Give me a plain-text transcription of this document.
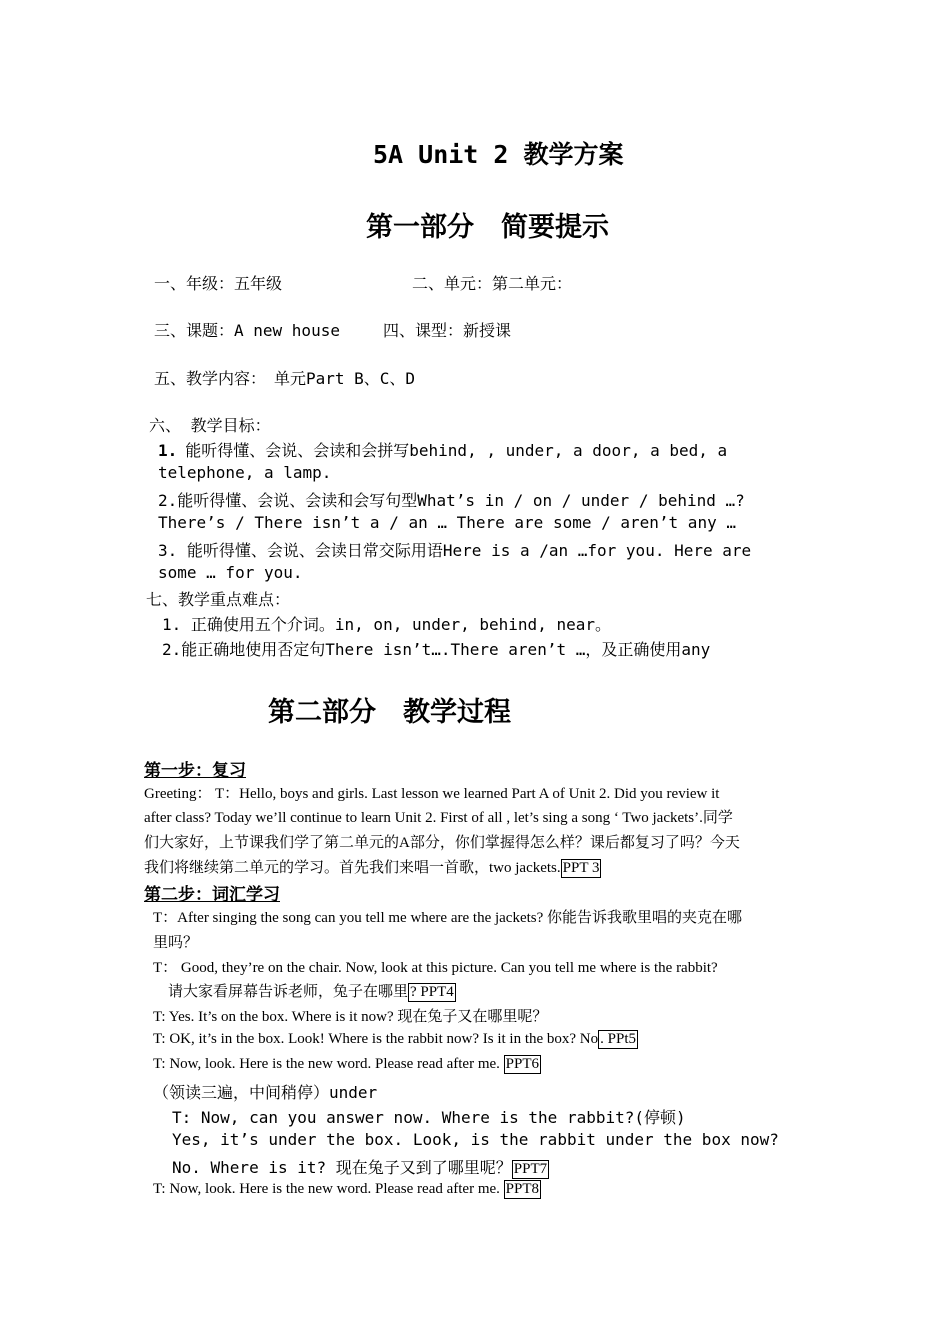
5A Unit 2 教学方案
第一部分　简要提示
一、年级：五年级	二、单元：第二单元：
三、课题：A new house	四、课型：新授课
五、教学内容：　单元Part B、C、D
六、 教学目标：
1. 能听得懂、会说、会读和会拼写behind, , under, a door, a bed, a
telephone, a lamp.
2.能听得懂、会说、会读和会写句型What’s in / on / under / behind …?
There’s / There isn’t a / an … There are some / aren’t any …
3. 能听得懂、会说、会读日常交际用语Here is a /an …for you. Here are
some … for you.
七、教学重点难点：
1. 正确使用五个介词。in, on, under, behind, near。
2.能正确地使用否定句There isn’t….There aren’t …，及正确使用any
第二部分　教学过程
第一步：复习
Greeting： T：Hello, boys and girls. Last lesson we learned Part A of Unit 2. Did you review it
after class? Today we’ll continue to learn Unit 2. First of all , let’s sing a song ‘ Two jackets’.同学
们大家好，上节课我们学了第二单元的A部分，你们掌握得怎么样？课后都复习了吗？今天
我们将继续第二单元的学习。首先我们来唱一首歌，two jackets. PPT 3
第二步：词汇学习
T：After singing the song can you tell me where are the jackets? 你能告诉我歌里唱的夹克在哪
里吗？
T： Good, they’re on the chair. Now, look at this picture. Can you tell me where is the rabbit?
请大家看屏幕告诉老师，兔子在哪里 ? PPT4
T: Yes. It’s on the box. Where is it now? 现在兔子又在哪里呢？
T: OK, it’s in the box. Look! Where is the rabbit now? Is it in the box? No . PPt5
T: Now, look. Here is the new word. Please read after me. PPT6
（领读三遍，中间稍停）under
T: Now, can you answer now. Where is the rabbit?(停顿)
Yes, it’s under the box. Look, is the rabbit under the box now?
No. Where is it? 现在兔子又到了哪里呢？ PPT7
T: Now, look. Here is the new word. Please read after me. PPT8
